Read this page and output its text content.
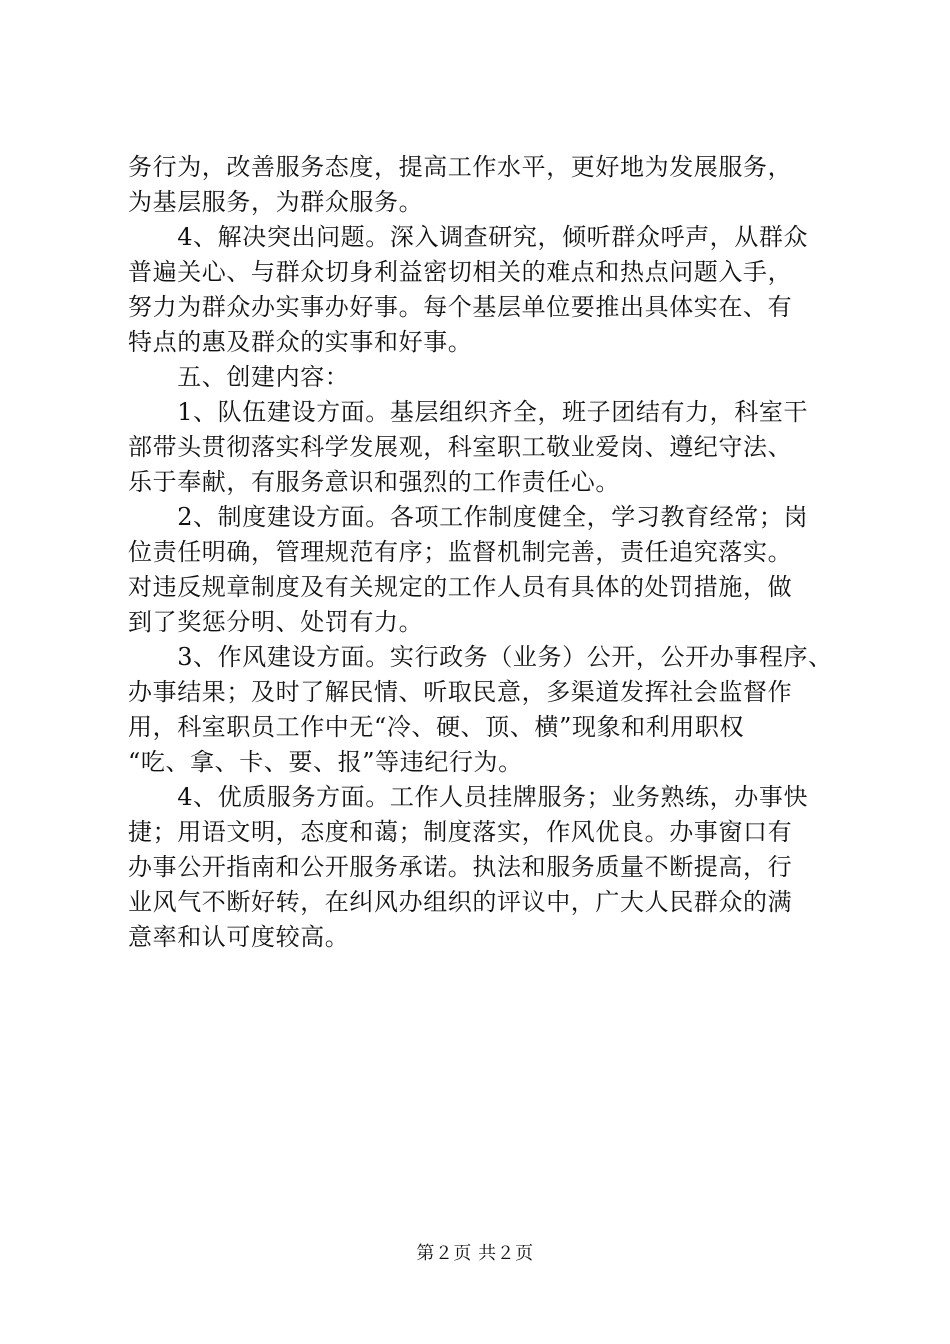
务行为，改善服务态度，提高工作水平，更好地为发展服务，
为基层服务，为群众服务。
　　4、解决突出问题。深入调查研究，倾听群众呼声，从群众
普遍关心、与群众切身利益密切相关的难点和热点问题入手，
努力为群众办实事办好事。每个基层单位要推出具体实在、有
特点的惠及群众的实事和好事。
　　五、创建内容：
　　1、队伍建设方面。基层组织齐全，班子团结有力，科室干
部带头贯彻落实科学发展观，科室职工敬业爱岗、遵纪守法、
乐于奉献，有服务意识和强烈的工作责任心。
　　2、制度建设方面。各项工作制度健全，学习教育经常；岗
位责任明确，管理规范有序；监督机制完善，责任追究落实。
对违反规章制度及有关规定的工作人员有具体的处罚措施，做
到了奖惩分明、处罚有力。
　　3、作风建设方面。实行政务（业务）公开，公开办事程序、
办事结果；及时了解民情、听取民意，多渠道发挥社会监督作
用，科室职员工作中无“冷、硬、顶、横”现象和利用职权
“吃、拿、卡、要、报”等违纪行为。
　　4、优质服务方面。工作人员挂牌服务；业务熟练，办事快
捷；用语文明，态度和蔼；制度落实，作风优良。办事窗口有
办事公开指南和公开服务承诺。执法和服务质量不断提高，行
业风气不断好转，在纠风办组织的评议中，广大人民群众的满
意率和认可度较高。
第２页 共２页
